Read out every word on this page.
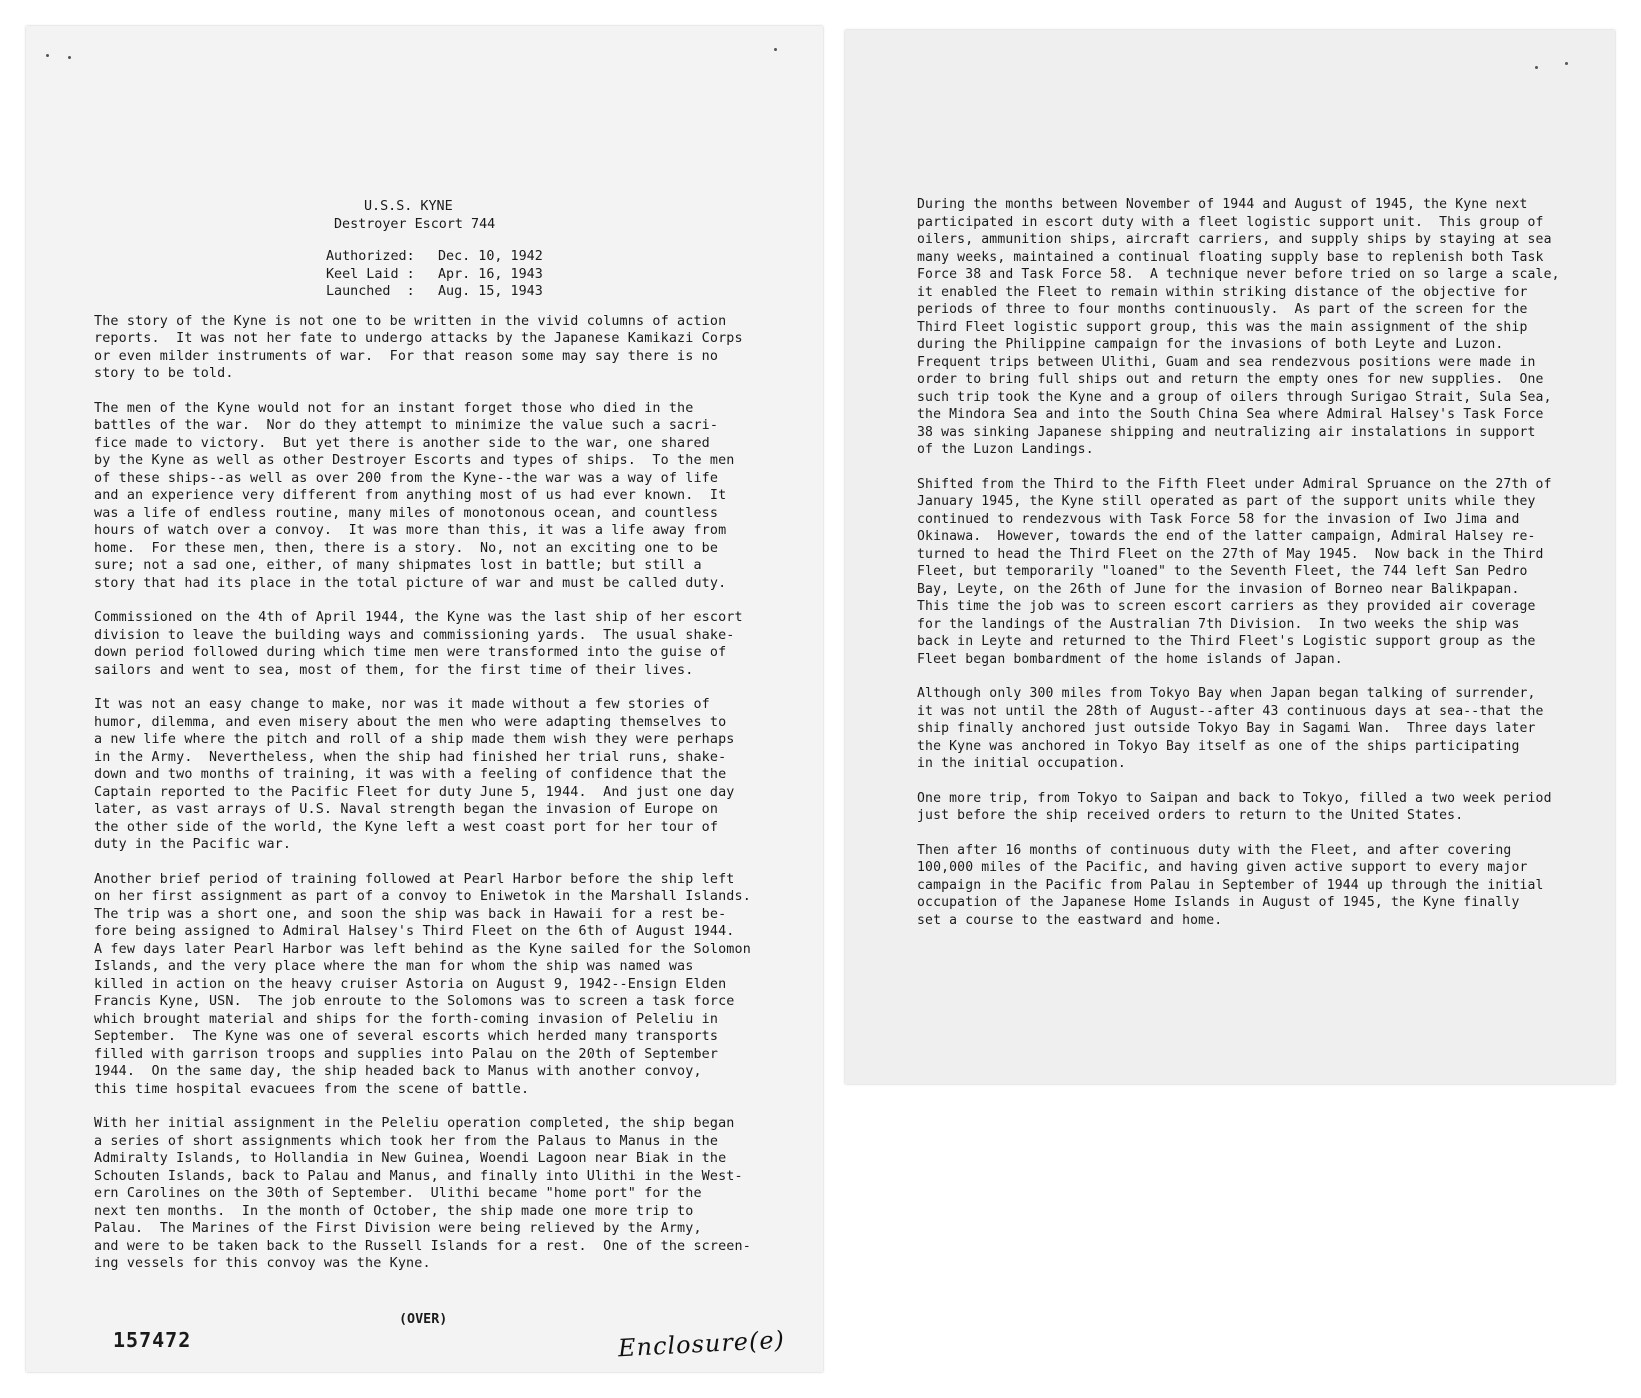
U.S.S. KYNE
Destroyer Escort 744
Authorized:	Dec. 10, 1942
Keel Laid :	Apr. 16, 1943
Launched  :	Aug. 15, 1943

The story of the Kyne is not one to be written in the vivid columns of action
reports.  It was not her fate to undergo attacks by the Japanese Kamikazi Corps
or even milder instruments of war.  For that reason some may say there is no
story to be told.

The men of the Kyne would not for an instant forget those who died in the
battles of the war.  Nor do they attempt to minimize the value such a sacri-
fice made to victory.  But yet there is another side to the war, one shared
by the Kyne as well as other Destroyer Escorts and types of ships.  To the men
of these ships--as well as over 200 from the Kyne--the war was a way of life
and an experience very different from anything most of us had ever known.  It
was a life of endless routine, many miles of monotonous ocean, and countless
hours of watch over a convoy.  It was more than this, it was a life away from
home.  For these men, then, there is a story.  No, not an exciting one to be
sure; not a sad one, either, of many shipmates lost in battle; but still a
story that had its place in the total picture of war and must be called duty.

Commissioned on the 4th of April 1944, the Kyne was the last ship of her escort
division to leave the building ways and commissioning yards.  The usual shake-
down period followed during which time men were transformed into the guise of
sailors and went to sea, most of them, for the first time of their lives.

It was not an easy change to make, nor was it made without a few stories of
humor, dilemma, and even misery about the men who were adapting themselves to
a new life where the pitch and roll of a ship made them wish they were perhaps
in the Army.  Nevertheless, when the ship had finished her trial runs, shake-
down and two months of training, it was with a feeling of confidence that the
Captain reported to the Pacific Fleet for duty June 5, 1944.  And just one day
later, as vast arrays of U.S. Naval strength began the invasion of Europe on
the other side of the world, the Kyne left a west coast port for her tour of
duty in the Pacific war.

Another brief period of training followed at Pearl Harbor before the ship left
on her first assignment as part of a convoy to Eniwetok in the Marshall Islands.
The trip was a short one, and soon the ship was back in Hawaii for a rest be-
fore being assigned to Admiral Halsey's Third Fleet on the 6th of August 1944.
A few days later Pearl Harbor was left behind as the Kyne sailed for the Solomon
Islands, and the very place where the man for whom the ship was named was
killed in action on the heavy cruiser Astoria on August 9, 1942--Ensign Elden
Francis Kyne, USN.  The job enroute to the Solomons was to screen a task force
which brought material and ships for the forth-coming invasion of Peleliu in
September.  The Kyne was one of several escorts which herded many transports
filled with garrison troops and supplies into Palau on the 20th of September
1944.  On the same day, the ship headed back to Manus with another convoy,
this time hospital evacuees from the scene of battle.

With her initial assignment in the Peleliu operation completed, the ship began
a series of short assignments which took her from the Palaus to Manus in the
Admiralty Islands, to Hollandia in New Guinea, Woendi Lagoon near Biak in the
Schouten Islands, back to Palau and Manus, and finally into Ulithi in the West-
ern Carolines on the 30th of September.  Ulithi became "home port" for the
next ten months.  In the month of October, the ship made one more trip to
Palau.  The Marines of the First Division were being relieved by the Army,
and were to be taken back to the Russell Islands for a rest.  One of the screen-
ing vessels for this convoy was the Kyne.

(OVER)
157472	Enclosure(e)

During the months between November of 1944 and August of 1945, the Kyne next
participated in escort duty with a fleet logistic support unit.  This group of
oilers, ammunition ships, aircraft carriers, and supply ships by staying at sea
many weeks, maintained a continual floating supply base to replenish both Task
Force 38 and Task Force 58.  A technique never before tried on so large a scale,
it enabled the Fleet to remain within striking distance of the objective for
periods of three to four months continuously.  As part of the screen for the
Third Fleet logistic support group, this was the main assignment of the ship
during the Philippine campaign for the invasions of both Leyte and Luzon.
Frequent trips between Ulithi, Guam and sea rendezvous positions were made in
order to bring full ships out and return the empty ones for new supplies.  One
such trip took the Kyne and a group of oilers through Surigao Strait, Sula Sea,
the Mindora Sea and into the South China Sea where Admiral Halsey's Task Force
38 was sinking Japanese shipping and neutralizing air instalations in support
of the Luzon Landings.

Shifted from the Third to the Fifth Fleet under Admiral Spruance on the 27th of
January 1945, the Kyne still operated as part of the support units while they
continued to rendezvous with Task Force 58 for the invasion of Iwo Jima and
Okinawa.  However, towards the end of the latter campaign, Admiral Halsey re-
turned to head the Third Fleet on the 27th of May 1945.  Now back in the Third
Fleet, but temporarily "loaned" to the Seventh Fleet, the 744 left San Pedro
Bay, Leyte, on the 26th of June for the invasion of Borneo near Balikpapan.
This time the job was to screen escort carriers as they provided air coverage
for the landings of the Australian 7th Division.  In two weeks the ship was
back in Leyte and returned to the Third Fleet's Logistic support group as the
Fleet began bombardment of the home islands of Japan.

Although only 300 miles from Tokyo Bay when Japan began talking of surrender,
it was not until the 28th of August--after 43 continuous days at sea--that the
ship finally anchored just outside Tokyo Bay in Sagami Wan.  Three days later
the Kyne was anchored in Tokyo Bay itself as one of the ships participating
in the initial occupation.

One more trip, from Tokyo to Saipan and back to Tokyo, filled a two week period
just before the ship received orders to return to the United States.

Then after 16 months of continuous duty with the Fleet, and after covering
100,000 miles of the Pacific, and having given active support to every major
campaign in the Pacific from Palau in September of 1944 up through the initial
occupation of the Japanese Home Islands in August of 1945, the Kyne finally
set a course to the eastward and home.
